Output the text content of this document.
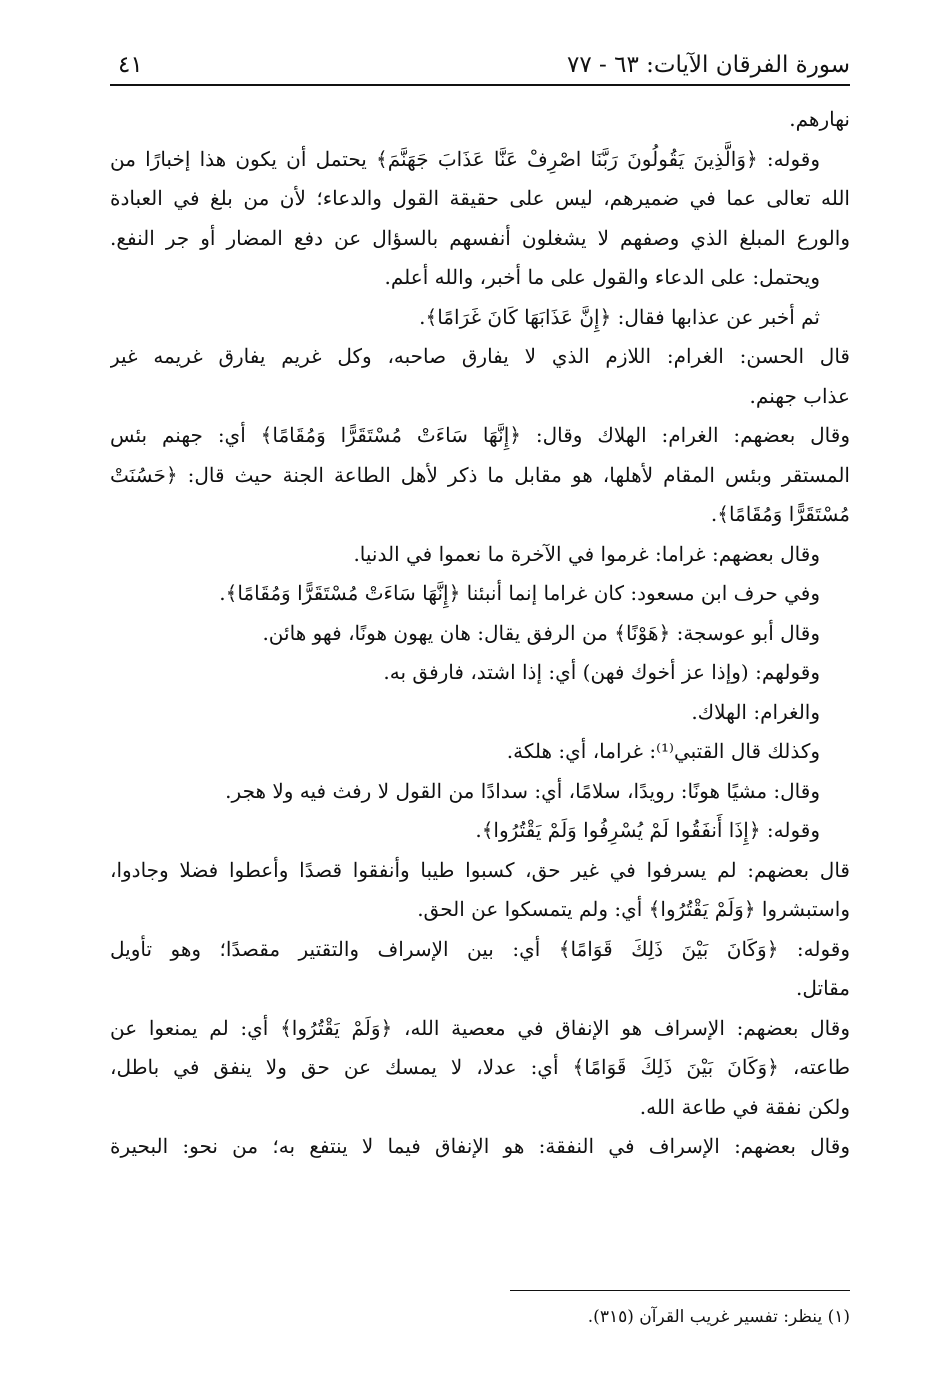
سورة الفرقان الآيات: ٦٣ - ٧٧
٤١

نهارهم.

وقوله: ﴿وَالَّذِينَ يَقُولُونَ رَبَّنَا اصْرِفْ عَنَّا عَذَابَ جَهَنَّمَ﴾ يحتمل أن يكون هذا إخبارًا من

الله تعالى عما في ضميرهم، ليس على حقيقة القول والدعاء؛ لأن من بلغ في العبادة

والورع المبلغ الذي وصفهم لا يشغلون أنفسهم بالسؤال عن دفع المضار أو جر النفع.

ويحتمل: على الدعاء والقول على ما أخبر، والله أعلم.

ثم أخبر عن عذابها فقال: ﴿إِنَّ عَذَابَهَا كَانَ غَرَامًا﴾.

قال الحسن: الغرام: اللازم الذي لا يفارق صاحبه، وكل غريم يفارق غريمه غير

عذاب جهنم.

وقال بعضهم: الغرام: الهلاك وقال: ﴿إِنَّهَا سَاءَتْ مُسْتَقَرًّا وَمُقَامًا﴾ أي: جهنم بئس

المستقر وبئس المقام لأهلها، هو مقابل ما ذكر لأهل الطاعة الجنة حيث قال: ﴿حَسُنَتْ

مُسْتَقَرًّا وَمُقَامًا﴾.

وقال بعضهم: غراما: غرموا في الآخرة ما نعموا في الدنيا.

وفي حرف ابن مسعود: كان غراما إنما أنبئنا ﴿إِنَّهَا سَاءَتْ مُسْتَقَرًّا وَمُقَامًا﴾.

وقال أبو عوسجة: ﴿هَوْنًا﴾ من الرفق يقال: هان يهون هونًا، فهو هائن.

وقولهم: (وإذا عز أخوك فهن) أي: إذا اشتد، فارفق به.

والغرام: الهلاك.

وكذلك قال القتبي⁽¹⁾: غراما، أي: هلكة.

وقال: مشيًا هونًا: رويدًا، سلامًا، أي: سدادًا من القول لا رفث فيه ولا هجر.

وقوله: ﴿إِذَا أَنفَقُوا لَمْ يُسْرِفُوا وَلَمْ يَقْتُرُوا﴾.

قال بعضهم: لم يسرفوا في غير حق، كسبوا طيبا وأنفقوا قصدًا وأعطوا فضلا وجادوا،

واستبشروا ﴿وَلَمْ يَقْتُرُوا﴾ أي: ولم يتمسكوا عن الحق.

وقوله: ﴿وَكَانَ بَيْنَ ذَلِكَ قَوَامًا﴾ أي: بين الإسراف والتقتير مقصدًا؛ وهو تأويل

مقاتل.

وقال بعضهم: الإسراف هو الإنفاق في معصية الله، ﴿وَلَمْ يَقْتُرُوا﴾ أي: لم يمنعوا عن

طاعته، ﴿وَكَانَ بَيْنَ ذَلِكَ قَوَامًا﴾ أي: عدلا، لا يمسك عن حق ولا ينفق في باطل،

ولكن نفقة في طاعة الله.

وقال بعضهم: الإسراف في النفقة: هو الإنفاق فيما لا ينتفع به؛ من نحو: البحيرة

(١) ينظر: تفسير غريب القرآن (٣١٥).
